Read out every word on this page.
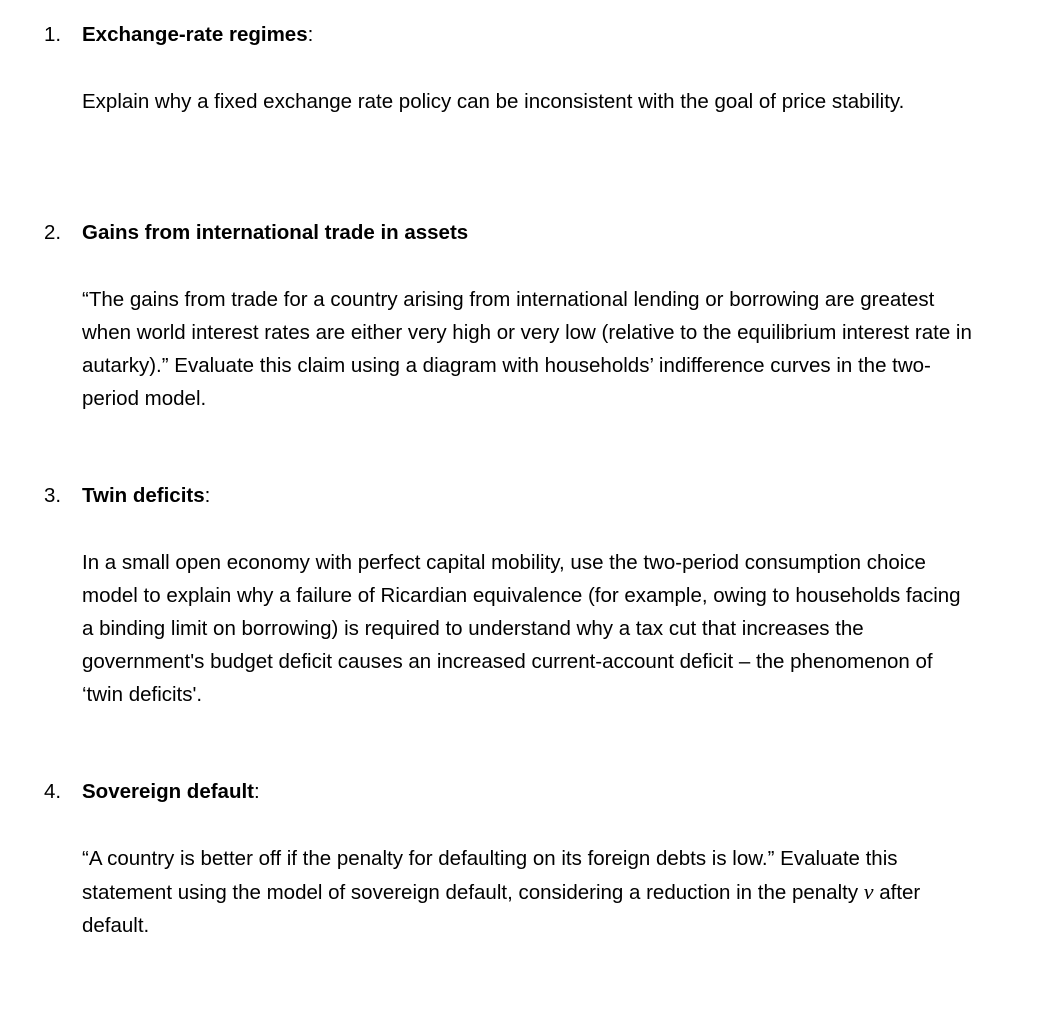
1. Exchange-rate regimes:
Explain why a fixed exchange rate policy can be inconsistent with the goal of price stability.
2. Gains from international trade in assets
“The gains from trade for a country arising from international lending or borrowing are greatest when world interest rates are either very high or very low (relative to the equilibrium interest rate in autarky).” Evaluate this claim using a diagram with households’ indifference curves in the two-period model.
3. Twin deficits:
In a small open economy with perfect capital mobility, use the two-period consumption choice model to explain why a failure of Ricardian equivalence (for example, owing to households facing a binding limit on borrowing) is required to understand why a tax cut that increases the government's budget deficit causes an increased current-account deficit – the phenomenon of ‘twin deficits'.
4. Sovereign default:
“A country is better off if the penalty for defaulting on its foreign debts is low.” Evaluate this statement using the model of sovereign default, considering a reduction in the penalty v after default.
